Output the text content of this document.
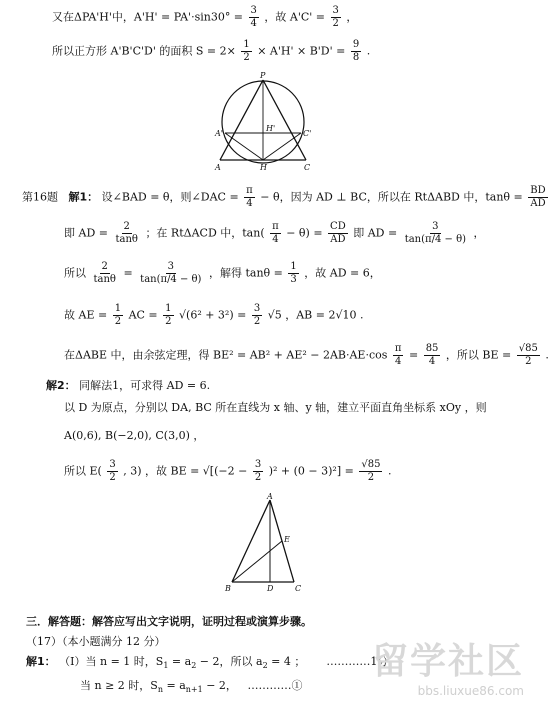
又在ΔPA'H'中，$A'H' = PA'\cdot\sin 30^\circ = \frac{3}{4}$ ，故 $A'C' = \frac{3}{2}$ ，
所以正方形 A'B'C'D' 的面积 $S = 2\times \frac{1}{2} \times A'H' \times B'D' = \frac{9}{8}$ .
P
A'
H'
C'
A	H	C
第16题 解1： 设∠BAD = θ，则∠DAC = $\frac{\pi}{4} - \theta$，因为 AD ⊥ BC，所以在 RtΔABD 中，$\tan\theta = \frac{BD}{AD}$
即 AD = $\frac{2}{\tan\theta}$ ；在 RtΔACD 中，$\tan( \frac{\pi}{4} - \theta) = \frac{CD}{AD}$ 即 AD = $\frac{3}{\tan(\pi/4 - \theta)}$ ，
所以 $\frac{2}{\tan\theta} = \frac{3}{\tan(\pi/4 - \theta)}$ ，解得 $\tan\theta = \frac{1}{3}$ ，故 AD = 6，
故 AE = $\frac{1}{2}$ AC = $\frac{1}{2} √(6^2 + 3^2) = \frac{3}{2} √5$ ，AB = 2√10 .
在ΔABE 中，由余弦定理，得 $BE^2 = AB^2 + AE^2 - 2AB\cdot AE\cdot\cos \frac{\pi}{4} = \frac{85}{4}$ ，所以 BE = $\frac{√85}{2}$ .
解2： 同解法1，可求得 AD = 6.
以 D 为原点，分别以 DA, BC 所在直线为 x 轴、y 轴，建立平面直角坐标系 xOy ，则
A(0,6), B(−2,0), C(3,0) ，
所以 $E( \frac{3}{2}$ , 3) ，故 BE = $√[(-2 - \frac{3}{2} )^2 + (0 - 3)^2] = \frac{√85}{2}$ .
A
E
B	D	C
三．解答题：解答应写出文字说明，证明过程或演算步骤。
（17）（本小题满分 12 分）
解1： （Ⅰ）当 n = 1 时，$S_1 = a_2 - 2$，所以 $a_2 = 4$ ； …………1分
当 n ≥ 2 时，$S_n = a_{n+1} - 2$， …………①
留学社区
bbs.liuxue86.com
